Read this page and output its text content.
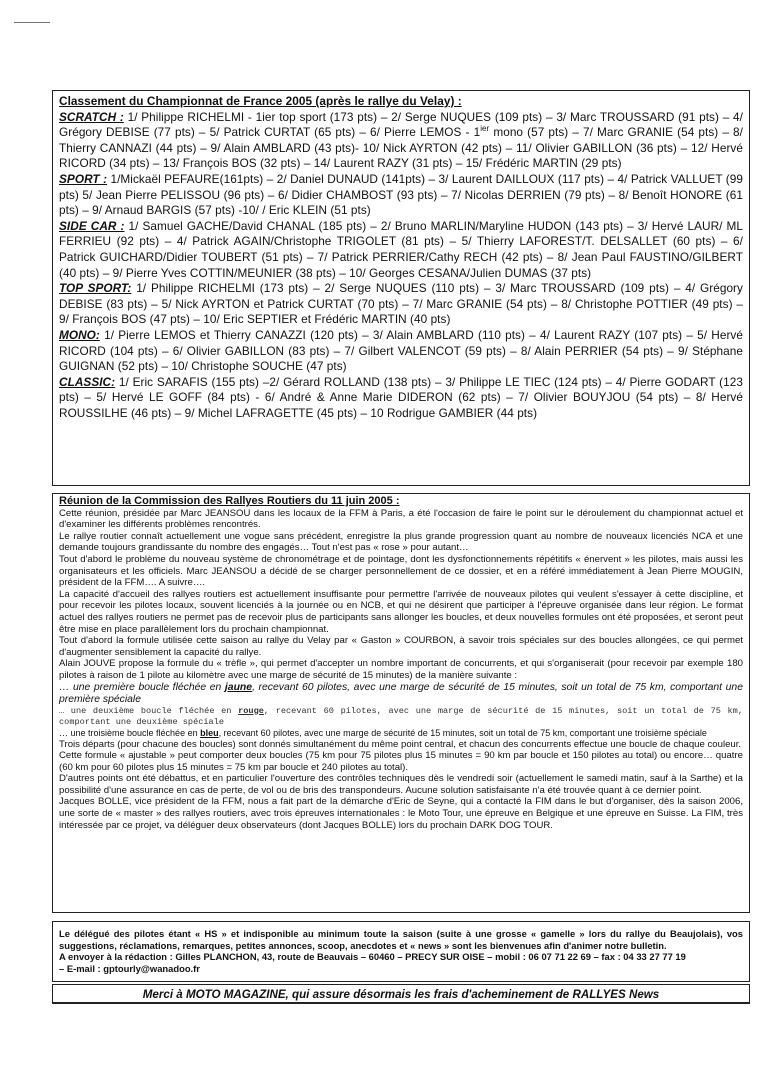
Classement du Championnat de France 2005 (après le rallye du Velay) :

SCRATCH : 1/ Philippe RICHELMI - 1ier top sport (173 pts) – 2/ Serge NUQUES (109 pts) – 3/ Marc TROUSSARD (91 pts) – 4/ Grégory DEBISE (77 pts) – 5/ Patrick CURTAT (65 pts) – 6/ Pierre LEMOS - $1^{ier}$ mono (57 pts) – 7/ Marc GRANIE (54 pts) – 8/ Thierry CANNAZI (44 pts) – 9/ Alain AMBLARD (43 pts)- 10/ Nick AYRTON (42 pts) – 11/ Olivier GABILLON (36 pts) – 12/ Hervé RICORD (34 pts) – 13/ François BOS (32 pts) – 14/ Laurent RAZY (31 pts) – 15/ Frédéric MARTIN (29 pts)

SPORT : 1/Mickaël PEFAURE(161pts) – 2/ Daniel DUNAUD (141pts) – 3/ Laurent DAILLOUX (117 pts) – 4/ Patrick VALLUET (99 pts) 5/ Jean Pierre PELISSOU (96 pts) – 6/ Didier CHAMBOST (93 pts) – 7/ Nicolas DERRIEN (79 pts) – 8/ Benoît HONORE (61 pts) – 9/ Arnaud BARGIS (57 pts) -10/ / Eric KLEIN (51 pts)

SIDE CAR : 1/ Samuel GACHE/David CHANAL (185 pts) – 2/ Bruno MARLIN/Maryline HUDON (143 pts) – 3/ Hervé LAUR/ ML FERRIEU (92 pts) – 4/ Patrick AGAIN/Christophe TRIGOLET (81 pts) – 5/ Thierry LAFOREST/T. DELSALLET (60 pts) – 6/ Patrick GUICHARD/Didier TOUBERT (51 pts) – 7/ Patrick PERRIER/Cathy RECH (42 pts) – 8/ Jean Paul FAUSTINO/GILBERT (40 pts) – 9/ Pierre Yves COTTIN/MEUNIER (38 pts) – 10/ Georges CESANA/Julien DUMAS (37 pts)

TOP SPORT: 1/ Philippe RICHELMI (173 pts) – 2/ Serge NUQUES (110 pts) – 3/ Marc TROUSSARD (109 pts) – 4/ Grégory DEBISE (83 pts) – 5/ Nick AYRTON et Patrick CURTAT (70 pts) – 7/ Marc GRANIE (54 pts) – 8/ Christophe POTTIER (49 pts) – 9/ François BOS (47 pts) – 10/ Eric SEPTIER et Frédéric MARTIN (40 pts)

MONO: 1/ Pierre LEMOS et Thierry CANAZZI (120 pts) – 3/ Alain AMBLARD (110 pts) – 4/ Laurent RAZY (107 pts) – 5/ Hervé RICORD (104 pts) – 6/ Olivier GABILLON (83 pts) – 7/ Gilbert VALENCOT (59 pts) – 8/ Alain PERRIER (54 pts) – 9/ Stéphane GUIGNAN (52 pts) – 10/ Christophe SOUCHE (47 pts)

CLASSIC: 1/ Eric SARAFIS (155 pts) –2/ Gérard ROLLAND (138 pts) – 3/ Philippe LE TIEC (124 pts) – 4/ Pierre GODART (123 pts) – 5/ Hervé LE GOFF (84 pts) - 6/ André & Anne Marie DIDERON (62 pts) – 7/ Olivier BOUYJOU (54 pts) – 8/ Hervé ROUSSILHE (46 pts) – 9/ Michel LAFRAGETTE (45 pts) – 10 Rodrigue GAMBIER (44 pts)

Réunion de la Commission des Rallyes Routiers du 11 juin 2005 :

Cette réunion, présidée par Marc JEANSOU dans les locaux de la FFM à Paris, a été l'occasion de faire le point sur le déroulement du championnat actuel et d'examiner les différents problèmes rencontrés.

Le rallye routier connaît actuellement une vogue sans précédent, enregistre la plus grande progression quant au nombre de nouveaux licenciés NCA et une demande toujours grandissante du nombre des engagés… Tout n'est pas « rose » pour autant…

Tout d'abord le problème du nouveau système de chronométrage et de pointage, dont les dysfonctionnements répétitifs « énervent » les pilotes, mais aussi les organisateurs et les officiels. Marc JEANSOU a décidé de se charger personnellement de ce dossier, et en a référé immédiatement à Jean Pierre MOUGIN, président de la FFM…. A suivre….

La capacité d'accueil des rallyes routiers est actuellement insuffisante pour permettre l'arrivée de nouveaux pilotes qui veulent s'essayer à cette discipline, et pour recevoir les pilotes locaux, souvent licenciés à la journée ou en NCB, et qui ne désirent que participer à l'épreuve organisée dans leur région. Le format actuel des rallyes routiers ne permet pas de recevoir plus de participants sans allonger les boucles, et deux nouvelles formules ont été proposées, et seront peut être mise en place parallèlement lors du prochain championnat.

Tout d'abord la formule utilisée cette saison au rallye du Velay par « Gaston » COURBON, à savoir trois spéciales sur des boucles allongées, ce qui permet d'augmenter sensiblement la capacité du rallye.

Alain JOUVE propose la formule du « trèfle », qui permet d'accepter un nombre important de concurrents, et qui s'organiserait (pour recevoir par exemple 180 pilotes à raison de 1 pilote au kilomètre avec une marge de sécurité de 15 minutes) de la manière suivante :

… une première boucle fléchée en jaune, recevant 60 pilotes, avec une marge de sécurité de 15 minutes, soit un total de 75 km, comportant une première spéciale

… une deuxième boucle fléchée en rouge, recevant 60 pilotes, avec une marge de sécurité de 15 minutes, soit un total de 75 km, comportant une deuxième spéciale

… une troisième boucle fléchée en bleu, recevant 60 pilotes, avec une marge de sécurité de 15 minutes, soit un total de 75 km, comportant une troisième spéciale

Trois départs (pour chacune des boucles) sont donnés simultanément du même point central, et chacun des concurrents effectue une boucle de chaque couleur.

Cette formule « ajustable » peut comporter deux boucles (75 km pour 75 pilotes plus 15 minutes = 90 km par boucle et 150 pilotes au total) ou encore… quatre (60 km pour 60 pilotes plus 15 minutes = 75 km par boucle et 240 pilotes au total).

D'autres points ont été débattus, et en particulier l'ouverture des contrôles techniques dès le vendredi soir (actuellement le samedi matin, sauf à la Sarthe) et la possibilité d'une assurance en cas de perte, de vol ou de bris des transpondeurs. Aucune solution satisfaisante n'a été trouvée quant à ce dernier point.

Jacques BOLLE, vice président de la FFM, nous a fait part de la démarche d'Eric de Seyne, qui a contacté la FIM dans le but d'organiser, dès la saison 2006, une sorte de « master » des rallyes routiers, avec trois épreuves internationales : le Moto Tour, une épreuve en Belgique et une épreuve en Suisse. La FIM, très intéressée par ce projet, va déléguer deux observateurs (dont Jacques BOLLE) lors du prochain DARK DOG TOUR.

Le délégué des pilotes étant « HS » et indisponible au minimum toute la saison (suite à une grosse « gamelle » lors du rallye du Beaujolais), vos suggestions, réclamations, remarques, petites annonces, scoop, anecdotes et « news » sont les bienvenues afin d'animer notre bulletin.

A envoyer à la rédaction : Gilles PLANCHON, 43, route de Beauvais – 60460 – PRECY SUR OISE – mobil : 06 07 71 22 69 – fax : 04 33 27 77 19

– E-mail : gptourly@wanadoo.fr

Merci à MOTO MAGAZINE, qui assure désormais les frais d'acheminement de RALLYES News
